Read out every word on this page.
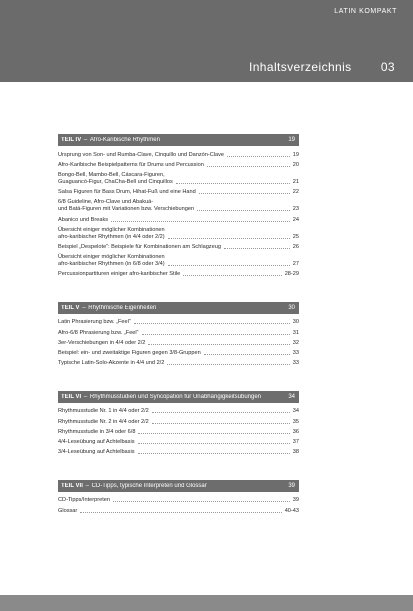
LATIN KOMPAKT
Inhaltsverzeichnis 03
TEIL IV – Afro-Karibische Rhythmen	19
Ursprung von Son- und Rumba-Clave, Cinquillo und Danzón-Clave	19
Afro-Karibische Beispielpatterns für Drums und Percussion	20
Bongo-Bell, Mambo-Bell, Cáscara-Figuren,
Guaguancó-Figur, ChaCha-Bell und Cinquillos	21
Salsa Figuren für Bass Drum, Hihat-Fuß und eine Hand	22
6/8 Guideline, Afro-Clave und Abakuá-
und Batá-Figuren mit Variationen bzw. Verschiebungen	23
Abanico und Breaks	24
Übersicht einiger möglicher Kombinationen
afro-karibischer Rhythmen (in 4/4 oder 2/2)	25
Beispiel „Despelote“: Beispiele für Kombinationen am Schlagzeug	26
Übersicht einiger möglicher Kombinationen
afro-karibischer Rhythmen (in 6/8 oder 3/4)	27
Percussionpartituren einiger afro-karibischer Stile	28-29
TEIL V – Rhythmische Eigenheiten	30
Latin Phrasierung bzw. „Feel“	30
Afro-6/8 Phrasierung bzw. „Feel“	31
3er-Verschiebungen in 4/4 oder 2/2	32
Beispiel: ein- und zweitaktige Figuren gegen 3/8-Gruppen	33
Typische Latin-Solo-Akzente in 4/4 und 2/2	33
TEIL VI – Rhythmusstudien und Syncopation für Unabhängigkeitsübungen	34
Rhythmusstudie Nr. 1 in 4/4 oder 2/2	34
Rhythmusstudie Nr. 2 in 4/4 oder 2/2	35
Rhythmusstudie in 3/4 oder 6/8	36
4/4-Leseübung auf Achtelbasis	37
3/4-Leseübung auf Achtelbasis	38
TEIL VII – CD-Tipps, typische Interpreten und Glossar	39
CD-Tipps/Interpreten	39
Glossar	40-43
